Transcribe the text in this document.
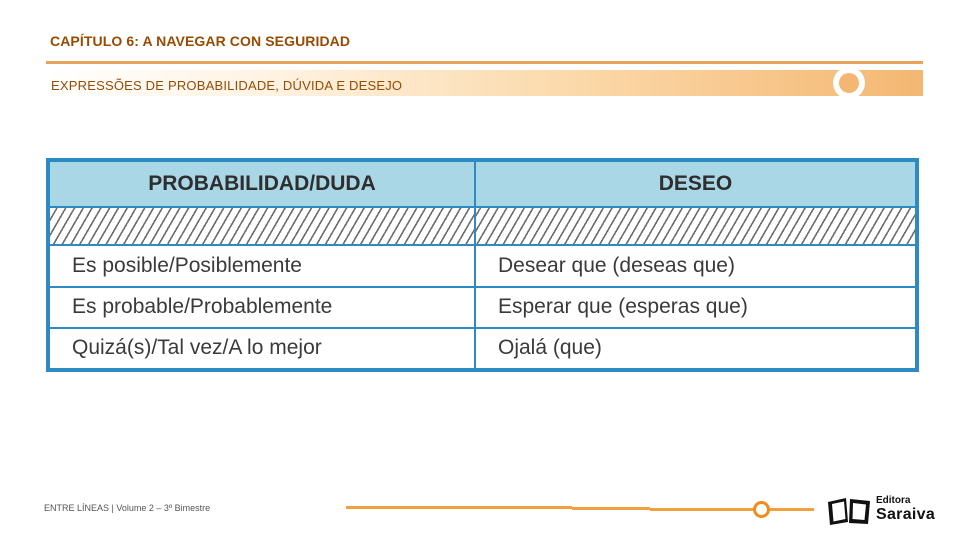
CAPÍTULO 6: A NAVEGAR CON SEGURIDAD
EXPRESSÕES DE PROBABILIDADE, DÚVIDA E DESEJO
PROBABILIDAD/DUDA	DESEO

Es posible/Posiblemente	Desear que (deseas que)
Es probable/Probablemente	Esperar que (esperas que)
Quizá(s)/Tal vez/A lo mejor	Ojalá (que)
ENTRE LÍNEAS | Volume 2 – 3º Bimestre
Editora
Saraiva
